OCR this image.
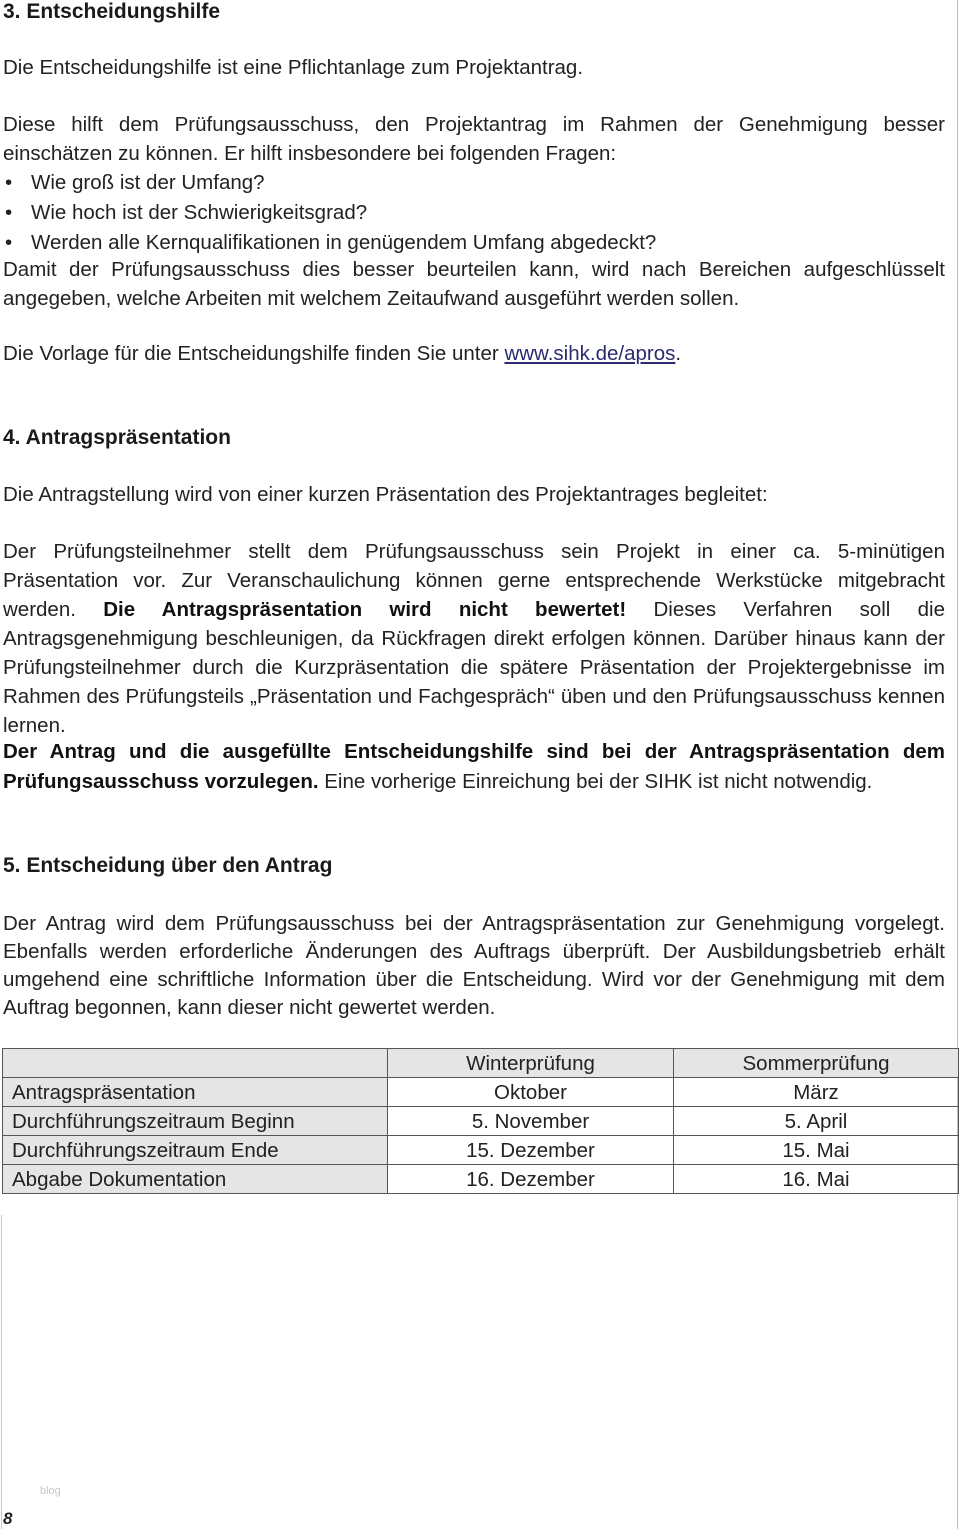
3. Entscheidungshilfe

Die Entscheidungshilfe ist eine Pflichtanlage zum Projektantrag.

Diese hilft dem Prüfungsausschuss, den Projektantrag im Rahmen der Genehmigung besser einschätzen zu können. Er hilft insbesondere bei folgenden Fragen:

• Wie groß ist der Umfang?
• Wie hoch ist der Schwierigkeitsgrad?
• Werden alle Kernqualifikationen in genügendem Umfang abgedeckt?

Damit der Prüfungsausschuss dies besser beurteilen kann, wird nach Bereichen aufgeschlüsselt angegeben, welche Arbeiten mit welchem Zeitaufwand ausgeführt werden sollen.

Die Vorlage für die Entscheidungshilfe finden Sie unter www.sihk.de/apros.

4. Antragspräsentation

Die Antragstellung wird von einer kurzen Präsentation des Projektantrages begleitet:

Der Prüfungsteilnehmer stellt dem Prüfungsausschuss sein Projekt in einer ca. 5-minütigen Präsentation vor. Zur Veranschaulichung können gerne entsprechende Werkstücke mitgebracht werden. Die Antragspräsentation wird nicht bewertet! Dieses Verfahren soll die Antragsgenehmigung beschleunigen, da Rückfragen direkt erfolgen können. Darüber hinaus kann der Prüfungsteilnehmer durch die Kurzpräsentation die spätere Präsentation der Projektergebnisse im Rahmen des Prüfungsteils „Präsentation und Fachgespräch“ üben und den Prüfungsausschuss kennen lernen.

Der Antrag und die ausgefüllte Entscheidungshilfe sind bei der Antragspräsentation dem Prüfungsausschuss vorzulegen. Eine vorherige Einreichung bei der SIHK ist nicht notwendig.

5. Entscheidung über den Antrag

Der Antrag wird dem Prüfungsausschuss bei der Antragspräsentation zur Genehmigung vorgelegt. Ebenfalls werden erforderliche Änderungen des Auftrags überprüft. Der Ausbildungsbetrieb erhält umgehend eine schriftliche Information über die Entscheidung. Wird vor der Genehmigung mit dem Auftrag begonnen, kann dieser nicht gewertet werden.

	Winterprüfung	Sommerprüfung
Antragspräsentation	Oktober	März
Durchführungszeitraum Beginn	5. November	5. April
Durchführungszeitraum Ende	15. Dezember	15. Mai
Abgabe Dokumentation	16. Dezember	16. Mai
blog
8
